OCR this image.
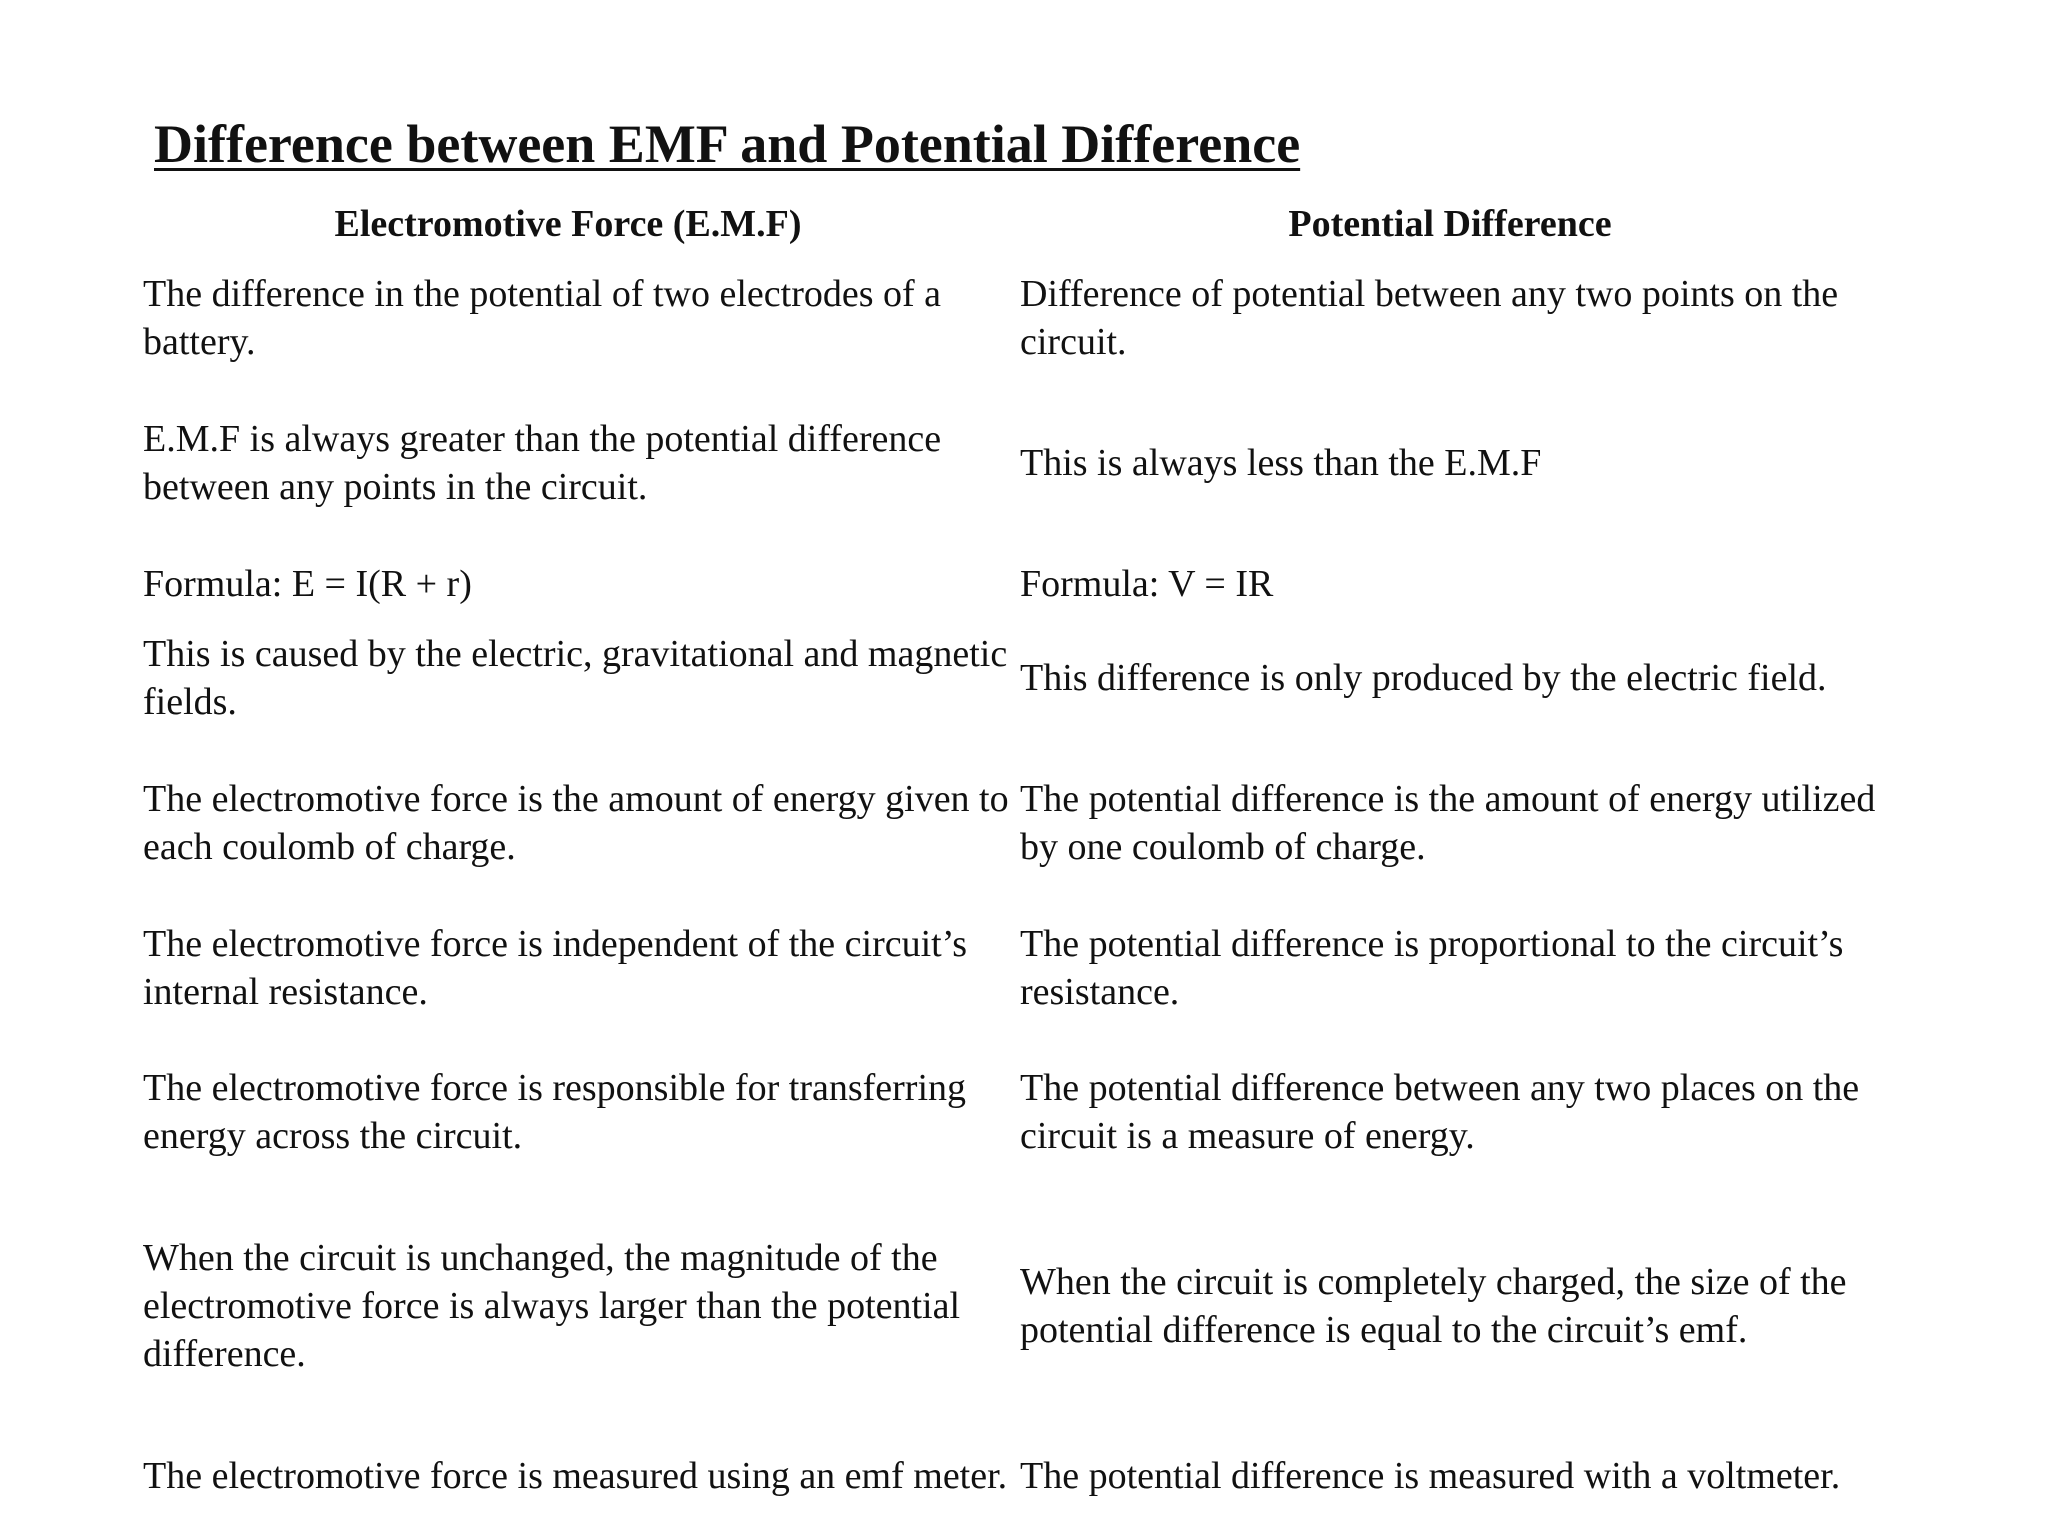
Difference between EMF and Potential Difference
Electromotive Force (E.M.F)	Potential Difference
The difference in the potential of two electrodes of a battery.
Difference of potential between any two points on the circuit.
E.M.F is always greater than the potential difference between any points in the circuit.
This is always less than the E.M.F
Formula: E = I(R + r)	Formula: V = IR
This is caused by the electric, gravitational and magnetic fields.
This difference is only produced by the electric field.
The electromotive force is the amount of energy given to each coulomb of charge.
The potential difference is the amount of energy utilized by one coulomb of charge.
The electromotive force is independent of the circuit’s internal resistance.
The potential difference is proportional to the circuit’s resistance.
The electromotive force is responsible for transferring energy across the circuit.
The potential difference between any two places on the circuit is a measure of energy.
When the circuit is unchanged, the magnitude of the electromotive force is always larger than the potential difference.
When the circuit is completely charged, the size of the potential difference is equal to the circuit’s emf.
The electromotive force is measured using an emf meter. The potential difference is measured with a voltmeter.
